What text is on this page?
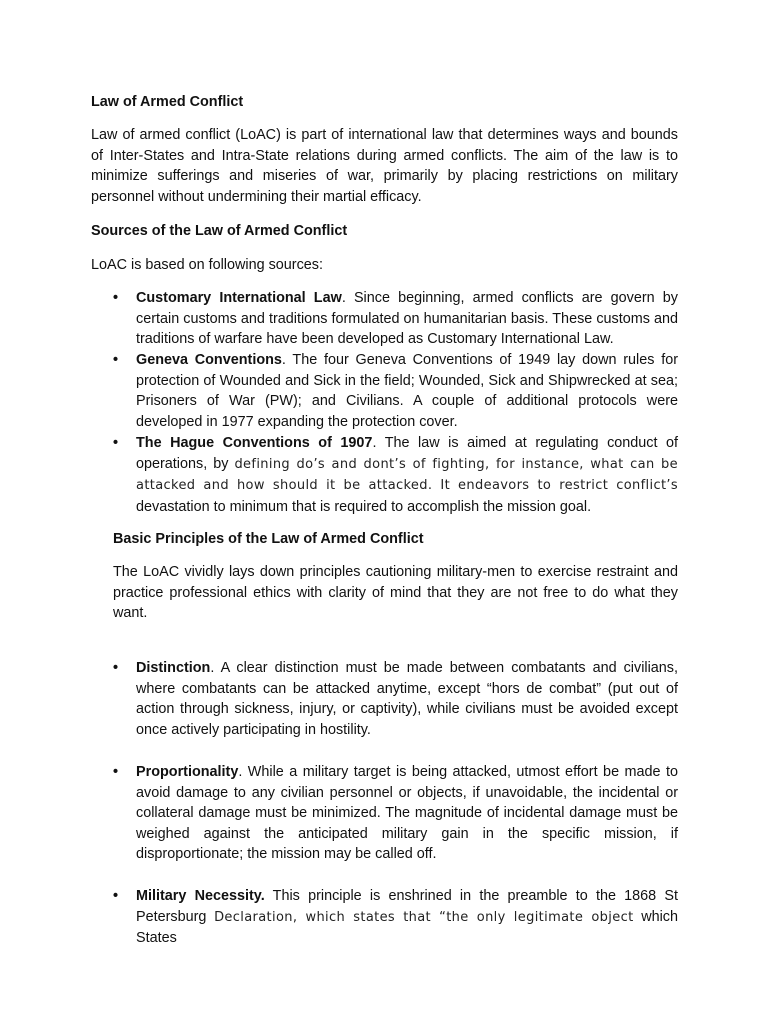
Law of Armed Conflict

Law of armed conflict (LoAC) is part of international law that determines ways and bounds of Inter-States and Intra-State relations during armed conflicts. The aim of the law is to minimize sufferings and miseries of war, primarily by placing restrictions on military personnel without undermining their martial efficacy.

Sources of the Law of Armed Conflict

LoAC is based on following sources:

•	Customary International Law. Since beginning, armed conflicts are govern by certain customs and traditions formulated on humanitarian basis. These customs and traditions of warfare have been developed as Customary International Law.
•	Geneva Conventions. The four Geneva Conventions of 1949 lay down rules for protection of Wounded and Sick in the field; Wounded, Sick and Shipwrecked at sea; Prisoners of War (PW); and Civilians. A couple of additional protocols were developed in 1977 expanding the protection cover.
•	The Hague Conventions of 1907. The law is aimed at regulating conduct of operations, by defining do’s and dont’s of fighting, for instance, what can be attacked and how should it be attacked. It endeavors to restrict conflict’s devastation to minimum that is required to accomplish the mission goal.
Basic Principles of the Law of Armed Conflict

The LoAC vividly lays down principles cautioning military-men to exercise restraint and practice professional ethics with clarity of mind that they are not free to do what they want.

•	Distinction. A clear distinction must be made between combatants and civilians, where combatants can be attacked anytime, except “hors de combat” (put out of action through sickness, injury, or captivity), while civilians must be avoided except once actively participating in hostility.
•	Proportionality. While a military target is being attacked, utmost effort be made to avoid damage to any civilian personnel or objects, if unavoidable, the incidental or collateral damage must be minimized. The magnitude of incidental damage must be weighed against the anticipated military gain in the specific mission, if disproportionate; the mission may be called off.
•	Military Necessity. This principle is enshrined in the preamble to the 1868 St Petersburg Declaration, which states that “the only legitimate object which States
